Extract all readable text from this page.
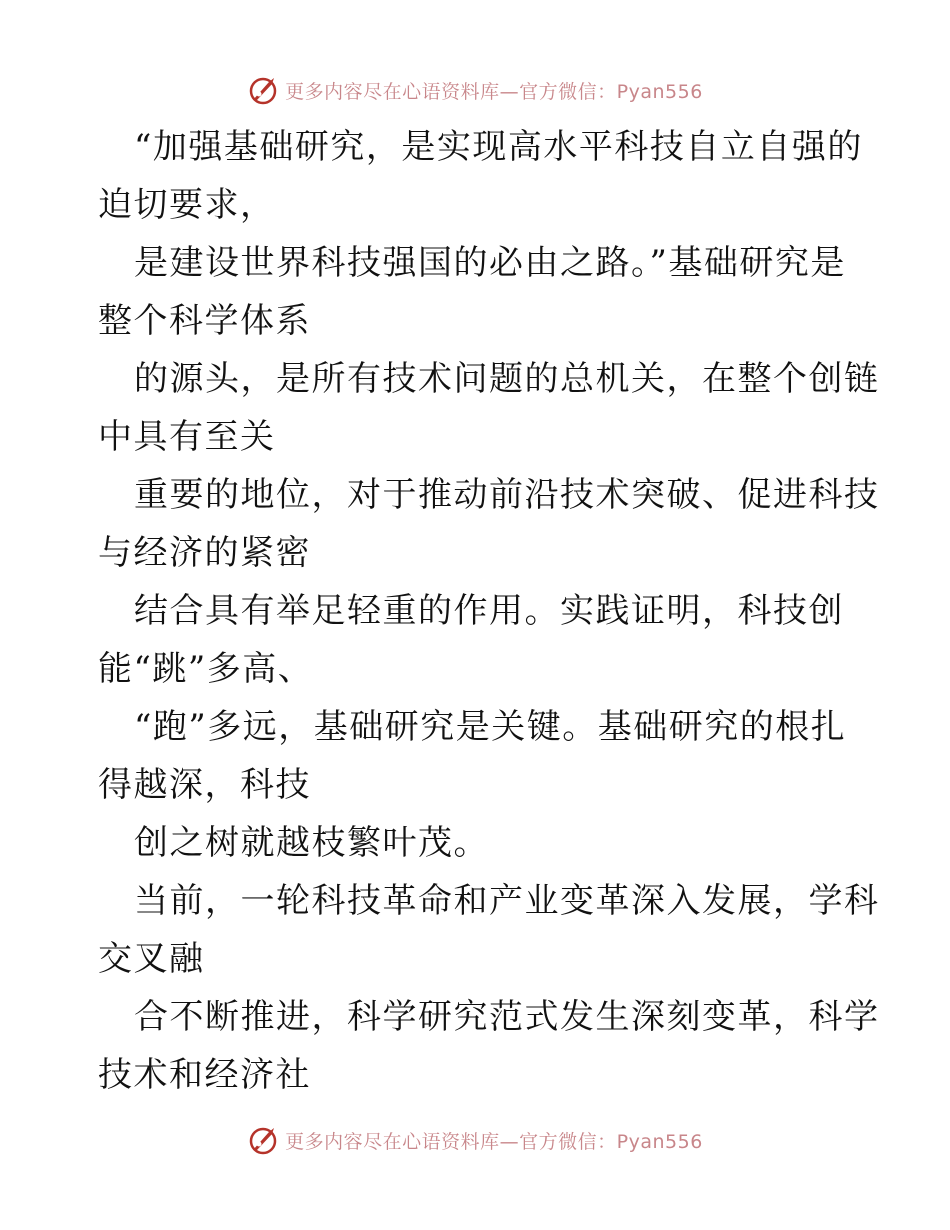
更多内容尽在心语资料库—官方微信：Pyan556
“加强基础研究，是实现高水平科技自立自强的
迫切要求，
是建设世界科技强国的必由之路。”基础研究是
整个科学体系
的源头，是所有技术问题的总机关，在整个创链
中具有至关
重要的地位，对于推动前沿技术突破、促进科技
与经济的紧密
结合具有举足轻重的作用。实践证明，科技创
能“跳”多高、
“跑”多远，基础研究是关键。基础研究的根扎
得越深，科技
创之树就越枝繁叶茂。
当前，一轮科技革命和产业变革深入发展，学科
交叉融
合不断推进，科学研究范式发生深刻变革，科学
技术和经济社
更多内容尽在心语资料库—官方微信：Pyan556
